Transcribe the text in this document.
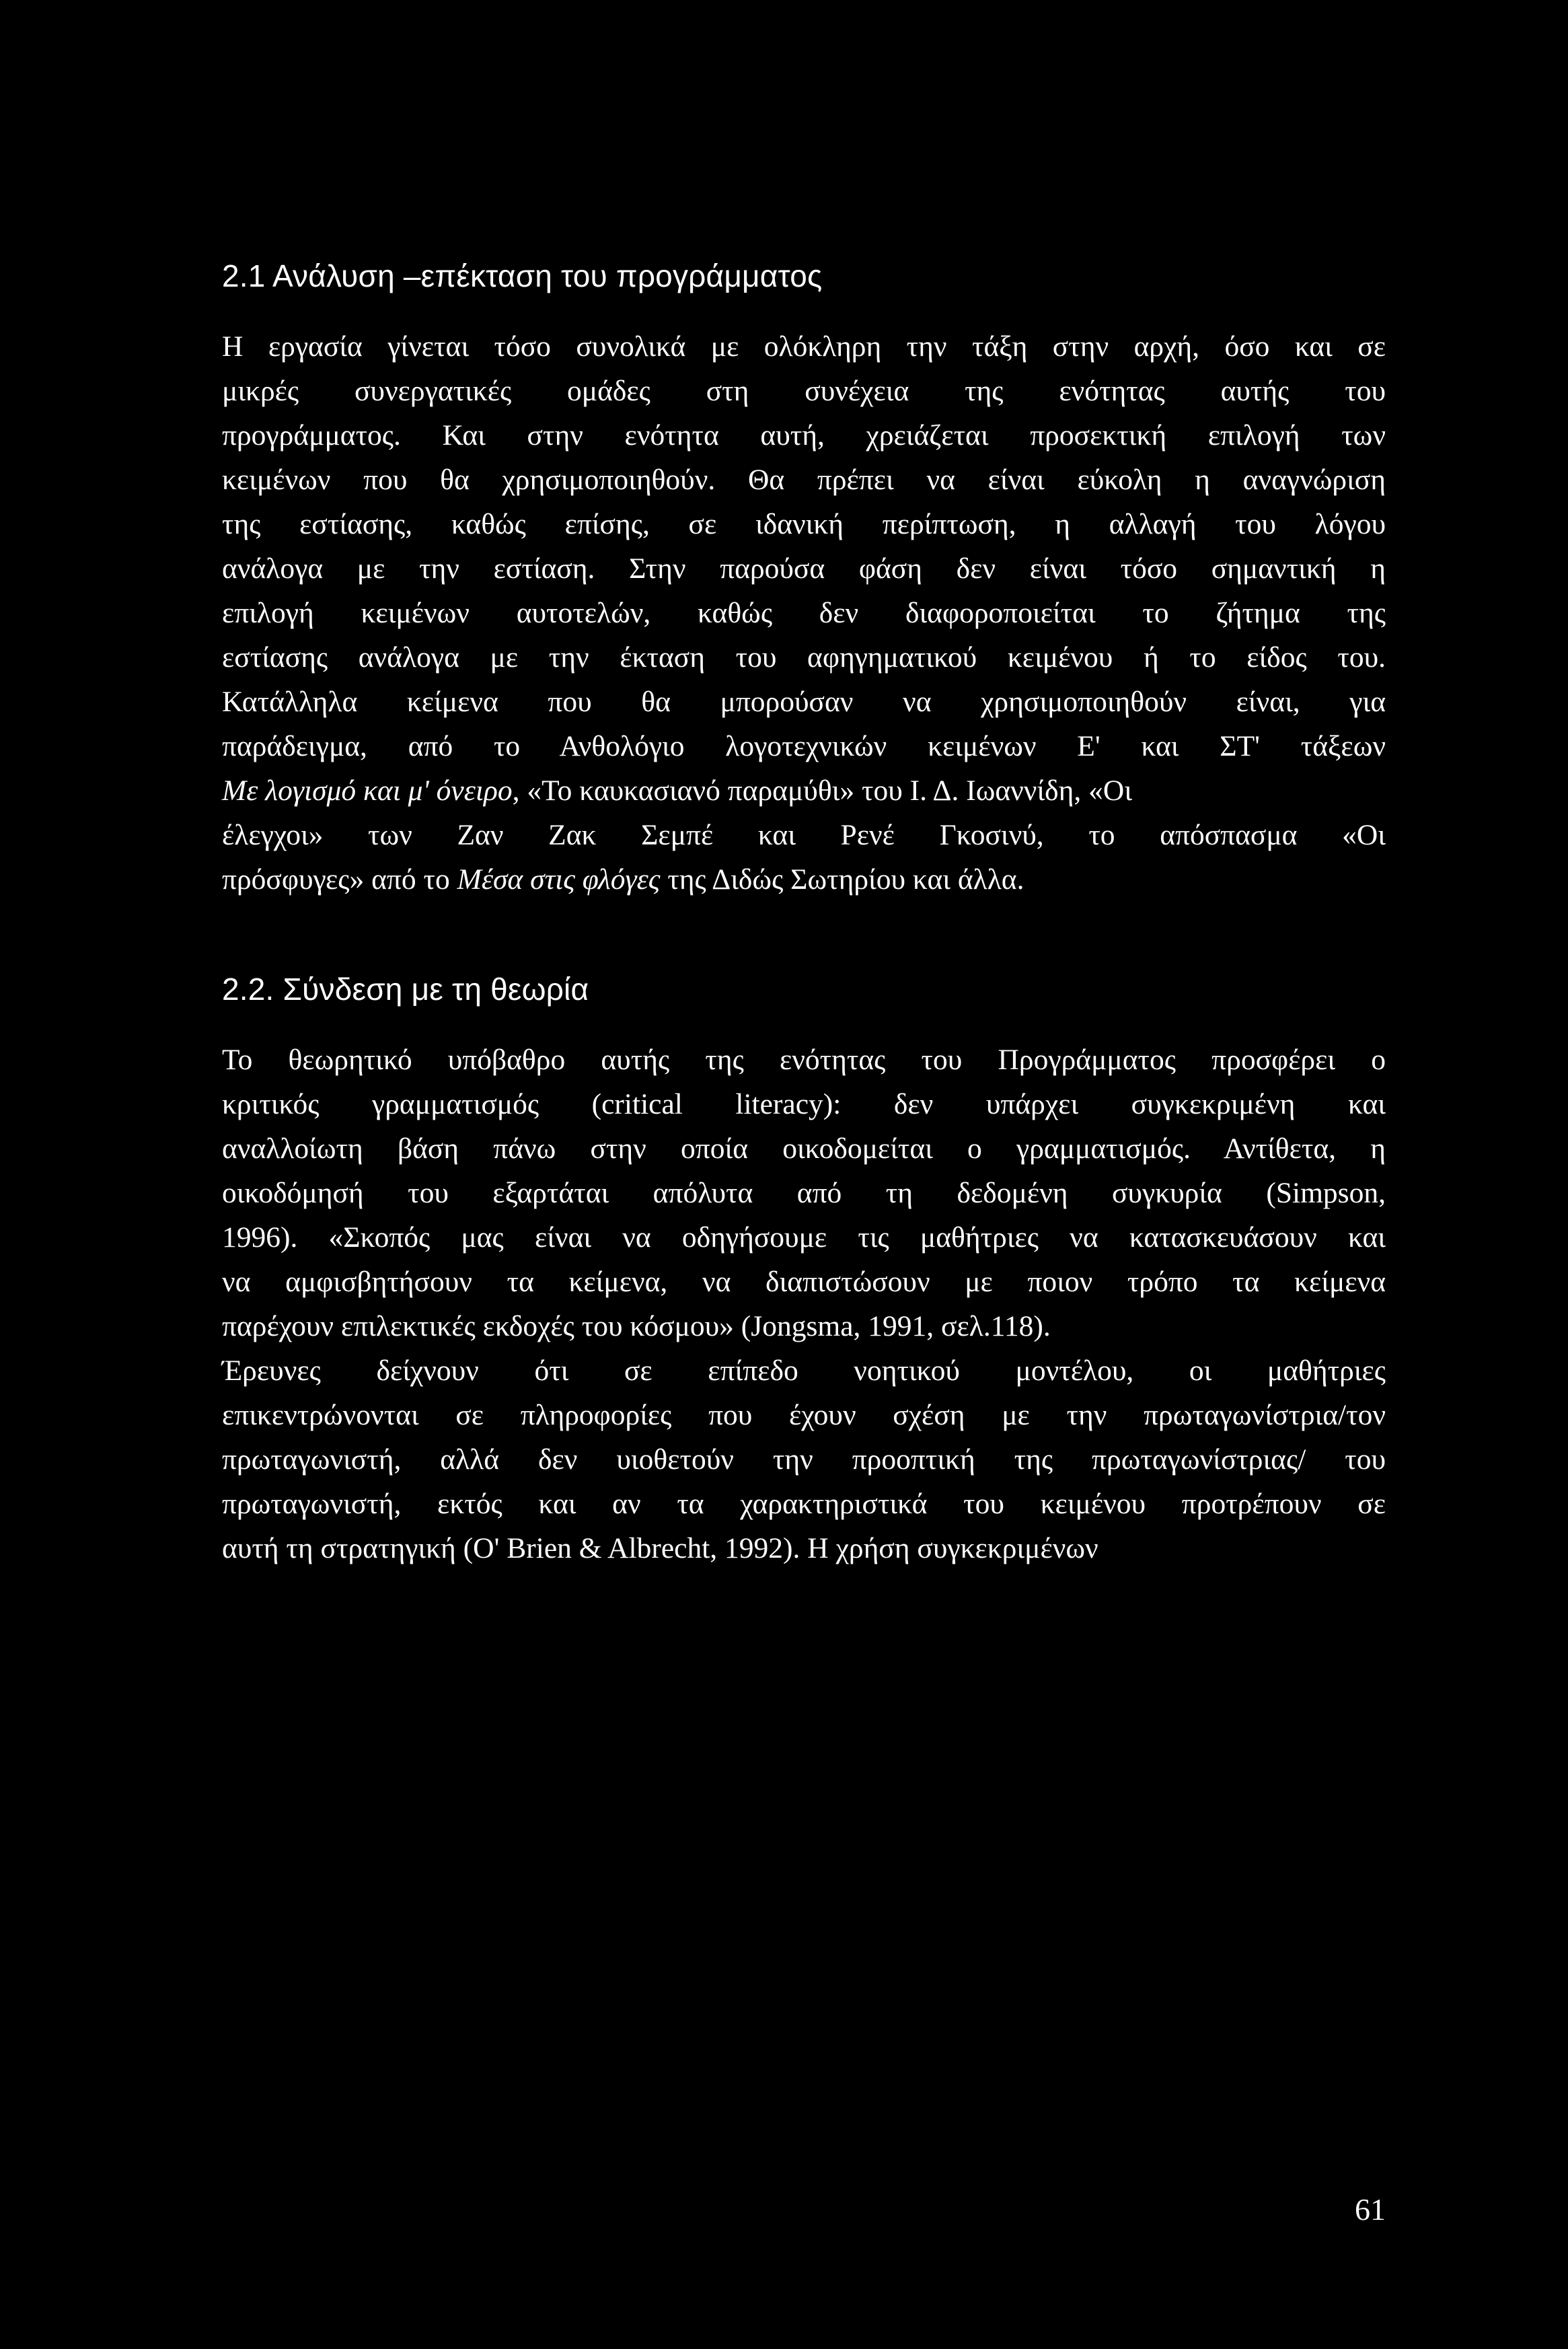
2.1 Ανάλυση –επέκταση του προγράμματος

Η εργασία γίνεται τόσο συνολικά με ολόκληρη την τάξη στην αρχή, όσο και σε
μικρές συνεργατικές ομάδες στη συνέχεια της ενότητας αυτής του
προγράμματος. Και στην ενότητα αυτή, χρειάζεται προσεκτική επιλογή των
κειμένων που θα χρησιμοποιηθούν. Θα πρέπει να είναι εύκολη η αναγνώριση
της εστίασης, καθώς επίσης, σε ιδανική περίπτωση, η αλλαγή του λόγου
ανάλογα με την εστίαση. Στην παρούσα φάση δεν είναι τόσο σημαντική η
επιλογή κειμένων αυτοτελών, καθώς δεν διαφοροποιείται το ζήτημα της
εστίασης ανάλογα με την έκταση του αφηγηματικού κειμένου ή το είδος του.
Κατάλληλα κείμενα που θα μπορούσαν να χρησιμοποιηθούν είναι, για
παράδειγμα, από το Ανθολόγιο λογοτεχνικών κειμένων Ε' και ΣΤ' τάξεων
Με λογισμό και μ' όνειρο, «Το καυκασιανό παραμύθι» του Ι. Δ. Ιωαννίδη, «Οι
έλεγχοι» των Ζαν Ζακ Σεμπέ και Ρενέ Γκοσινύ, το απόσπασμα «Οι
πρόσφυγες» από το Μέσα στις φλόγες της Διδώς Σωτηρίου και άλλα.

2.2. Σύνδεση με τη θεωρία

Το θεωρητικό υπόβαθρο αυτής της ενότητας του Προγράμματος προσφέρει ο
κριτικός γραμματισμός (critical literacy): δεν υπάρχει συγκεκριμένη και
αναλλοίωτη βάση πάνω στην οποία οικοδομείται ο γραμματισμός. Αντίθετα, η
οικοδόμησή του εξαρτάται απόλυτα από τη δεδομένη συγκυρία (Simpson,
1996). «Σκοπός μας είναι να οδηγήσουμε τις μαθήτριες να κατασκευάσουν και
να αμφισβητήσουν τα κείμενα, να διαπιστώσουν με ποιον τρόπο τα κείμενα
παρέχουν επιλεκτικές εκδοχές του κόσμου» (Jongsma, 1991, σελ.118).
Έρευνες δείχνουν ότι σε επίπεδο νοητικού μοντέλου, οι μαθήτριες
επικεντρώνονται σε πληροφορίες που έχουν σχέση με την πρωταγωνίστρια/τον
πρωταγωνιστή, αλλά δεν υιοθετούν την προοπτική της πρωταγωνίστριας/ του
πρωταγωνιστή, εκτός και αν τα χαρακτηριστικά του κειμένου προτρέπουν σε
αυτή τη στρατηγική (O' Brien & Albrecht, 1992). Η χρήση συγκεκριμένων

61
